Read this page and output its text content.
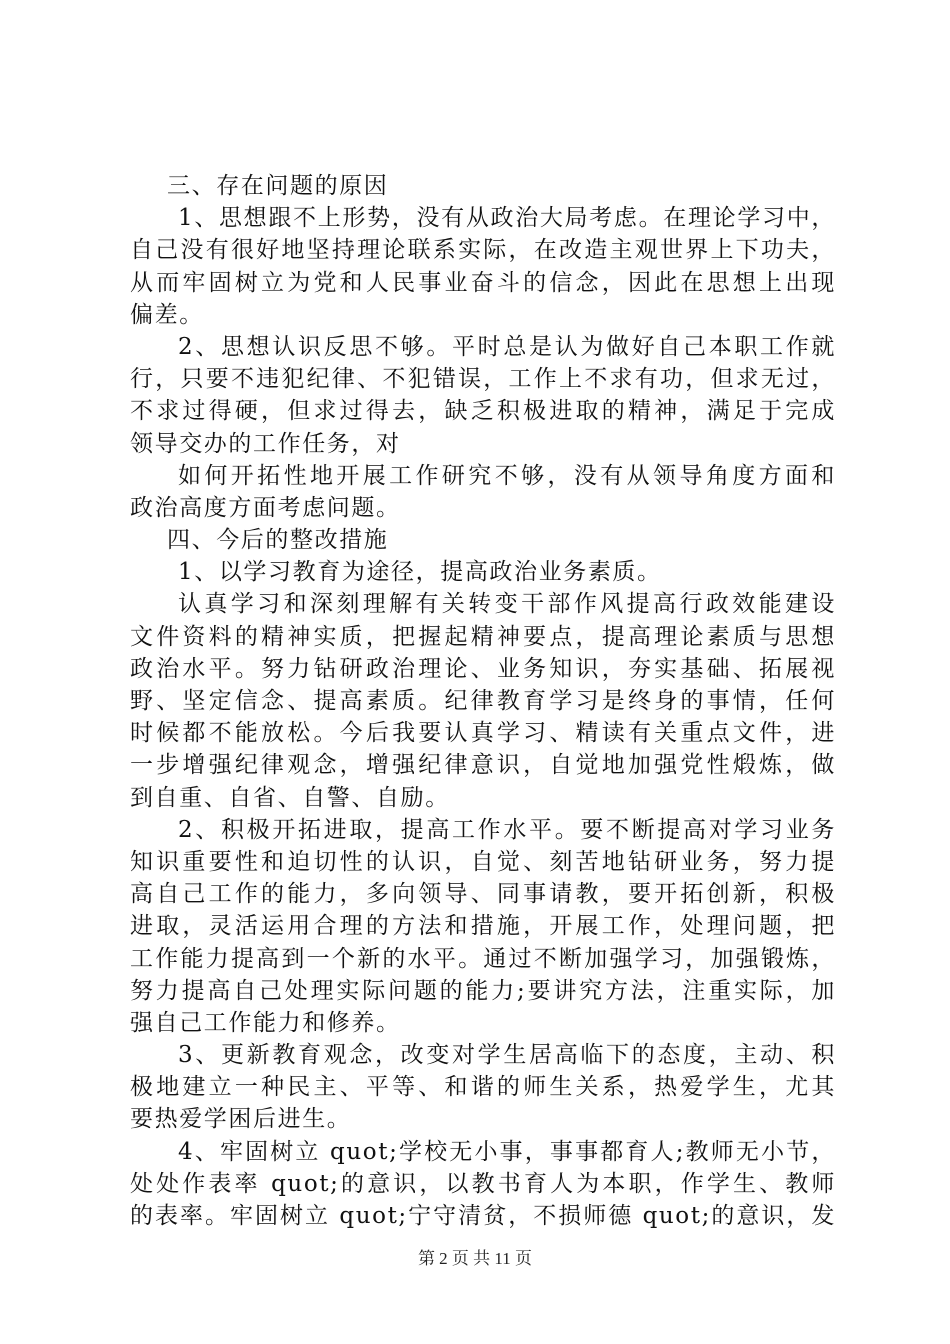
三、存在问题的原因
1、思想跟不上形势，没有从政治大局考虑。在理论学习中，
自己没有很好地坚持理论联系实际，在改造主观世界上下功夫，
从而牢固树立为党和人民事业奋斗的信念，因此在思想上出现
偏差。
2、思想认识反思不够。平时总是认为做好自己本职工作就
行，只要不违犯纪律、不犯错误，工作上不求有功，但求无过，
不求过得硬，但求过得去，缺乏积极进取的精神，满足于完成
领导交办的工作任务，对
如何开拓性地开展工作研究不够，没有从领导角度方面和
政治高度方面考虑问题。
四、今后的整改措施
1、以学习教育为途径，提高政治业务素质。
认真学习和深刻理解有关转变干部作风提高行政效能建设
文件资料的精神实质，把握起精神要点，提高理论素质与思想
政治水平。努力钻研政治理论、业务知识，夯实基础、拓展视
野、坚定信念、提高素质。纪律教育学习是终身的事情，任何
时候都不能放松。今后我要认真学习、精读有关重点文件，进
一步增强纪律观念，增强纪律意识，自觉地加强党性煅炼，做
到自重、自省、自警、自励。
2、积极开拓进取，提高工作水平。要不断提高对学习业务
知识重要性和迫切性的认识，自觉、刻苦地钻研业务，努力提
高自己工作的能力，多向领导、同事请教，要开拓创新，积极
进取，灵活运用合理的方法和措施，开展工作，处理问题，把
工作能力提高到一个新的水平。通过不断加强学习，加强锻炼，
努力提高自己处理实际问题的能力;要讲究方法，注重实际，加
强自己工作能力和修养。
3、更新教育观念，改变对学生居高临下的态度，主动、积
极地建立一种民主、平等、和谐的师生关系，热爱学生，尤其
要热爱学困后进生。
4、牢固树立 quot;学校无小事，事事都育人;教师无小节，
处处作表率 quot;的意识，以教书育人为本职，作学生、教师
的表率。牢固树立 quot;宁守清贫，不损师德 quot;的意识，发
第 2 页 共 11 页
